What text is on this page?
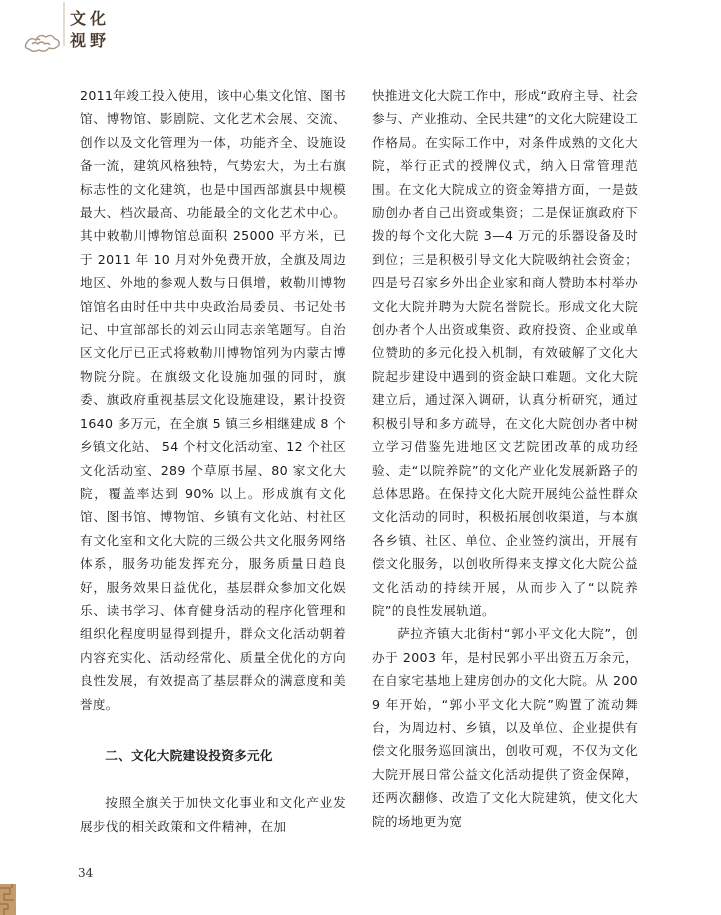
文化
视野

2011年竣工投入使用，该中心集文化馆、图书馆、博物馆、影剧院、文化艺术会展、交流、创作以及文化管理为一体，功能齐全、设施设备一流，建筑风格独特，气势宏大，为土右旗标志性的文化建筑，也是中国西部旗县中规模最大、档次最高、功能最全的文化艺术中心。其中敕勒川博物馆总面积 25000 平方米，已于 2011 年 10 月对外免费开放，全旗及周边地区、外地的参观人数与日俱增，敕勒川博物馆馆名由时任中共中央政治局委员、书记处书记、中宣部部长的刘云山同志亲笔题写。自治区文化厅已正式将敕勒川博物馆列为内蒙古博物院分院。在旗级文化设施加强的同时，旗委、旗政府重视基层文化设施建设，累计投资 1640 多万元，在全旗 5 镇三乡相继建成 8 个乡镇文化站、 54 个村文化活动室、12 个社区文化活动室、289 个草原书屋、80 家文化大院，覆盖率达到 90% 以上。形成旗有文化馆、图书馆、博物馆、乡镇有文化站、村社区有文化室和文化大院的三级公共文化服务网络体系，服务功能发挥充分，服务质量日趋良好，服务效果日益优化，基层群众参加文化娱乐、读书学习、体育健身活动的程序化管理和组织化程度明显得到提升，群众文化活动朝着内容充实化、活动经常化、质量全优化的方向良性发展，有效提高了基层群众的满意度和美誉度。

二、文化大院建设投资多元化

按照全旗关于加快文化事业和文化产业发展步伐的相关政策和文件精神，在加

快推进文化大院工作中，形成“政府主导、社会参与、产业推动、全民共建”的文化大院建设工作格局。在实际工作中，对条件成熟的文化大院，举行正式的授牌仪式，纳入日常管理范围。在文化大院成立的资金筹措方面，一是鼓励创办者自己出资或集资；二是保证旗政府下拨的每个文化大院 3—4 万元的乐器设备及时到位；三是积极引导文化大院吸纳社会资金；四是号召家乡外出企业家和商人赞助本村举办文化大院并聘为大院名誉院长。形成文化大院创办者个人出资或集资、政府投资、企业或单位赞助的多元化投入机制，有效破解了文化大院起步建设中遇到的资金缺口难题。文化大院建立后，通过深入调研，认真分析研究，通过积极引导和多方疏导，在文化大院创办者中树立学习借鉴先进地区文艺院团改革的成功经验、走“以院养院”的文化产业化发展新路子的总体思路。在保持文化大院开展纯公益性群众文化活动的同时，积极拓展创收渠道，与本旗各乡镇、社区、单位、企业签约演出，开展有偿文化服务，以创收所得来支撑文化大院公益文化活动的持续开展，从而步入了“以院养院”的良性发展轨道。

萨拉齐镇大北街村“郭小平文化大院”，创办于 2003 年，是村民郭小平出资五万余元，在自家宅基地上建房创办的文化大院。从 2009 年开始，“郭小平文化大院”购置了流动舞台，为周边村、乡镇，以及单位、企业提供有偿文化服务巡回演出，创收可观，不仅为文化大院开展日常公益文化活动提供了资金保障，还两次翻修、改造了文化大院建筑，使文化大院的场地更为宽

34
